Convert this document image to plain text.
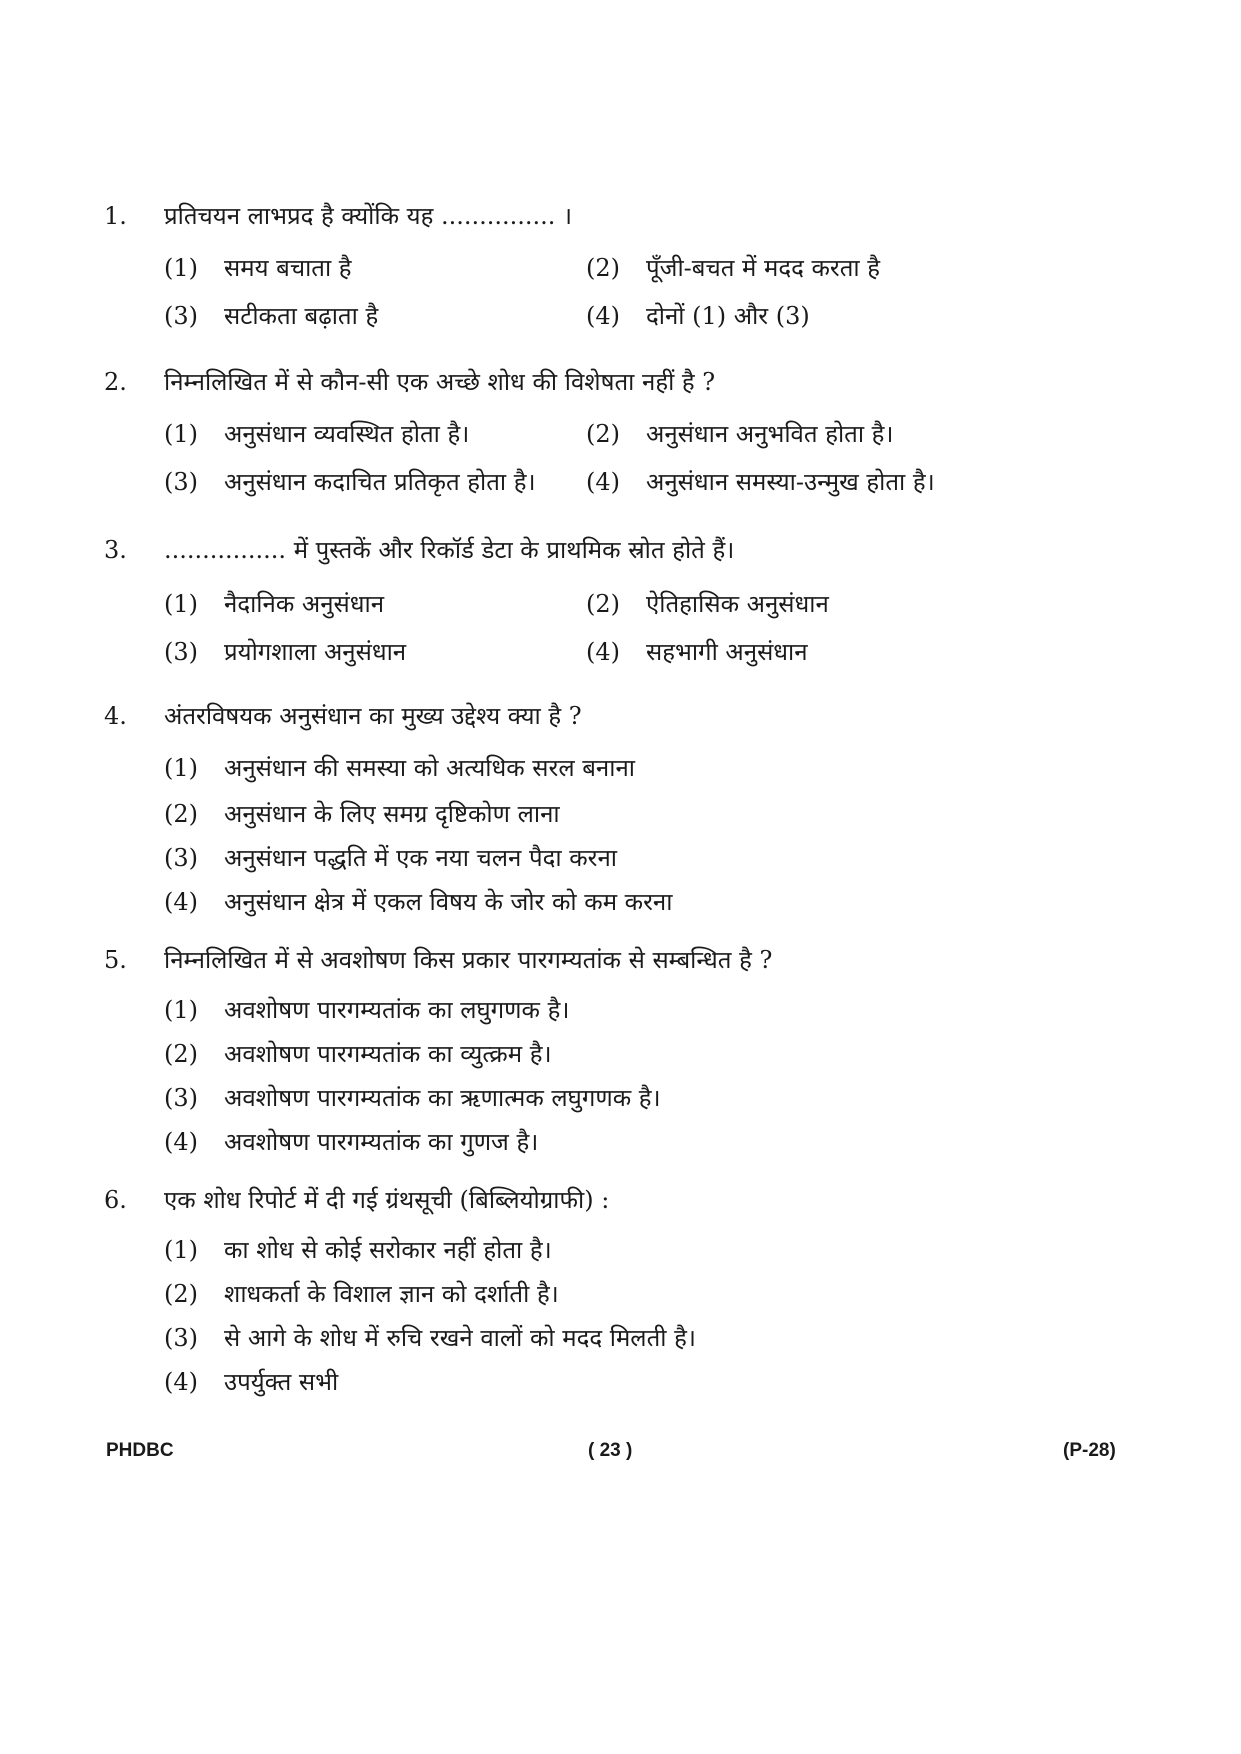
1. प्रतिचयन लाभप्रद है क्योंकि यह ............... ।
(1) समय बचाता है	(2) पूँजी-बचत में मदद करता है
(3) सटीकता बढ़ाता है	(4) दोनों (1) और (3)
2. निम्नलिखित में से कौन-सी एक अच्छे शोध की विशेषता नहीं है ?
(1) अनुसंधान व्यवस्थित होता है।	(2) अनुसंधान अनुभवित होता है।
(3) अनुसंधान कदाचित प्रतिकृत होता है। (4) अनुसंधान समस्या-उन्मुख होता है।
3. ................ में पुस्तकें और रिकॉर्ड डेटा के प्राथमिक स्रोत होते हैं।
(1) नैदानिक अनुसंधान	(2) ऐतिहासिक अनुसंधान
(3) प्रयोगशाला अनुसंधान	(4) सहभागी अनुसंधान
4. अंतरविषयक अनुसंधान का मुख्य उद्देश्य क्या है ?
(1) अनुसंधान की समस्या को अत्यधिक सरल बनाना
(2) अनुसंधान के लिए समग्र दृष्टिकोण लाना
(3) अनुसंधान पद्धति में एक नया चलन पैदा करना
(4) अनुसंधान क्षेत्र में एकल विषय के जोर को कम करना
5. निम्नलिखित में से अवशोषण किस प्रकार पारगम्यतांक से सम्बन्धित है ?
(1) अवशोषण पारगम्यतांक का लघुगणक है।
(2) अवशोषण पारगम्यतांक का व्युत्क्रम है।
(3) अवशोषण पारगम्यतांक का ऋणात्मक लघुगणक है।
(4) अवशोषण पारगम्यतांक का गुणज है।
6. एक शोध रिपोर्ट में दी गई ग्रंथसूची (बिब्लियोग्राफी) :
(1) का शोध से कोई सरोकार नहीं होता है।
(2) शाधकर्ता के विशाल ज्ञान को दर्शाती है।
(3) से आगे के शोध में रुचि रखने वालों को मदद मिलती है।
(4) उपर्युक्त सभी
PHDBC	( 23 )	(P-28)
